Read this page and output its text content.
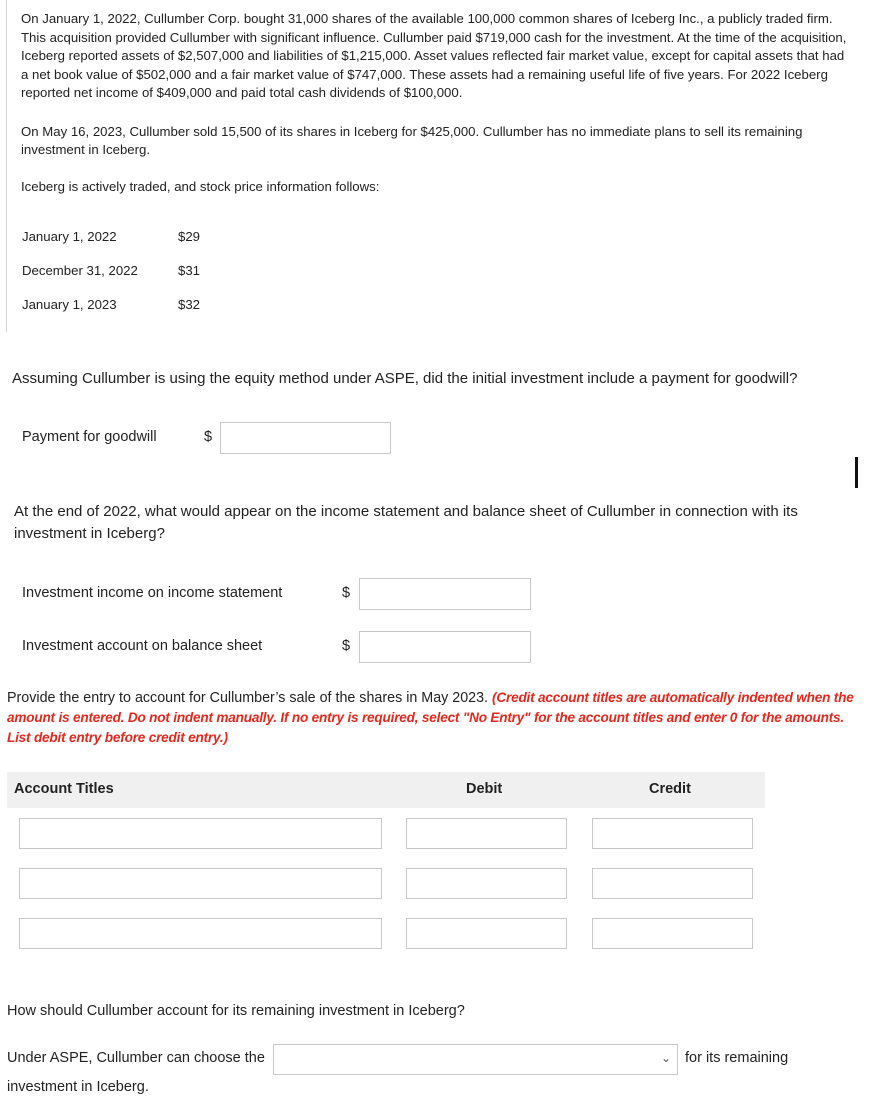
On January 1, 2022, Cullumber Corp. bought 31,000 shares of the available 100,000 common shares of Iceberg Inc., a publicly traded firm. This acquisition provided Cullumber with significant influence. Cullumber paid $719,000 cash for the investment. At the time of the acquisition, Iceberg reported assets of $2,507,000 and liabilities of $1,215,000. Asset values reflected fair market value, except for capital assets that had a net book value of $502,000 and a fair market value of $747,000. These assets had a remaining useful life of five years. For 2022 Iceberg reported net income of $409,000 and paid total cash dividends of $100,000.

On May 16, 2023, Cullumber sold 15,500 of its shares in Iceberg for $425,000. Cullumber has no immediate plans to sell its remaining investment in Iceberg.

Iceberg is actively traded, and stock price information follows:

January 1, 2022	$29
December 31, 2022	$31
January 1, 2023	$32
Assuming Cullumber is using the equity method under ASPE, did the initial investment include a payment for goodwill?
Payment for goodwill	$
At the end of 2022, what would appear on the income statement and balance sheet of Cullumber in connection with its investment in Iceberg?
Investment income on income statement	$
Investment account on balance sheet	$
Provide the entry to account for Cullumber’s sale of the shares in May 2023. (Credit account titles are automatically indented when the amount is entered. Do not indent manually. If no entry is required, select "No Entry" for the account titles and enter 0 for the amounts. List debit entry before credit entry.)
Account Titles	Debit	Credit
How should Cullumber account for its remaining investment in Iceberg?
Under ASPE, Cullumber can choose the	⌄ for its remaining
investment in Iceberg.
